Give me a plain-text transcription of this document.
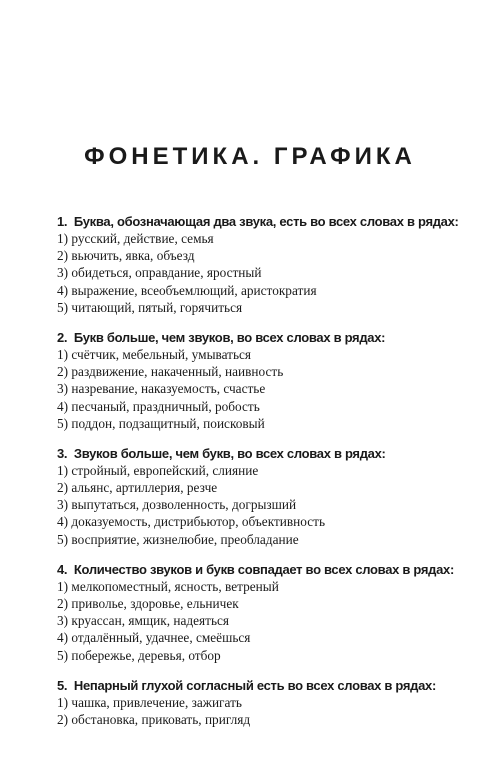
ФОНЕТИКА. ГРАФИКА
1. Буква, обозначающая два звука, есть во всех словах в рядах:
1) русский, действие, семья
2) вьючить, явка, объезд
3) обидеться, оправдание, яростный
4) выражение, всеобъемлющий, аристократия
5) читающий, пятый, горячиться
2. Букв больше, чем звуков, во всех словах в рядах:
1) счётчик, мебельный, умываться
2) раздвижение, накаченный, наивность
3) назревание, наказуемость, счастье
4) песчаный, праздничный, робость
5) поддон, подзащитный, поисковый
3. Звуков больше, чем букв, во всех словах в рядах:
1) стройный, европейский, слияние
2) альянс, артиллерия, резче
3) выпутаться, дозволенность, догрызший
4) доказуемость, дистрибьютор, объективность
5) восприятие, жизнелюбие, преобладание
4. Количество звуков и букв совпадает во всех словах в рядах:
1) мелкопоместный, ясность, ветреный
2) приволье, здоровье, ельничек
3) круассан, ямщик, надеяться
4) отдалённый, удачнее, смеёшься
5) побережье, деревья, отбор
5. Непарный глухой согласный есть во всех словах в рядах:
1) чашка, привлечение, зажигать
2) обстановка, приковать, пригляд
